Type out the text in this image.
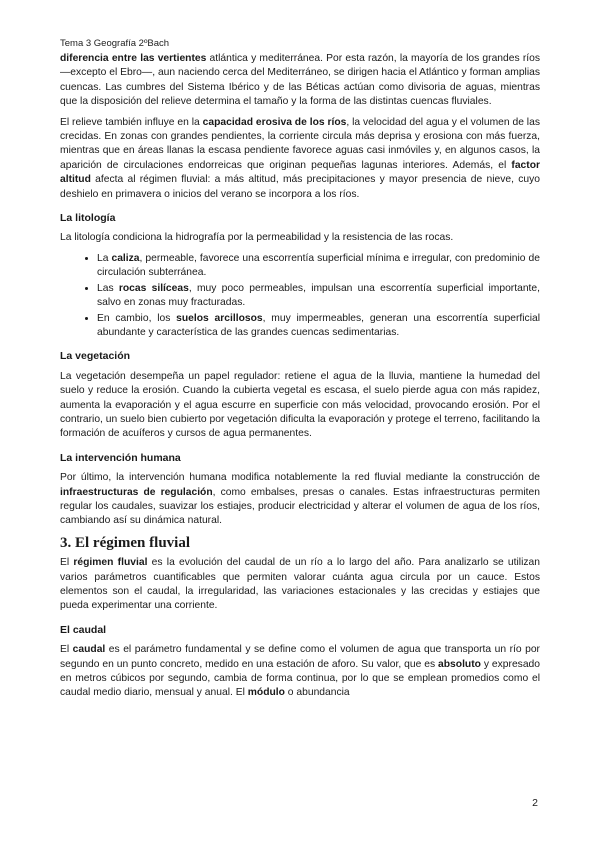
Tema 3 Geografía 2ºBach

diferencia entre las vertientes atlántica y mediterránea. Por esta razón, la mayoría de los grandes ríos —excepto el Ebro—, aun naciendo cerca del Mediterráneo, se dirigen hacia el Atlántico y forman amplias cuencas. Las cumbres del Sistema Ibérico y de las Béticas actúan como divisoria de aguas, mientras que la disposición del relieve determina el tamaño y la forma de las distintas cuencas fluviales.

El relieve también influye en la capacidad erosiva de los ríos, la velocidad del agua y el volumen de las crecidas. En zonas con grandes pendientes, la corriente circula más deprisa y erosiona con más fuerza, mientras que en áreas llanas la escasa pendiente favorece aguas casi inmóviles y, en algunos casos, la aparición de circulaciones endorreicas que originan pequeñas lagunas interiores. Además, el factor altitud afecta al régimen fluvial: a más altitud, más precipitaciones y mayor presencia de nieve, cuyo deshielo en primavera o inicios del verano se incorpora a los ríos.

La litología

La litología condiciona la hidrografía por la permeabilidad y la resistencia de las rocas.

• La caliza, permeable, favorece una escorrentía superficial mínima e irregular, con predominio de circulación subterránea.
• Las rocas silíceas, muy poco permeables, impulsan una escorrentía superficial importante, salvo en zonas muy fracturadas.
• En cambio, los suelos arcillosos, muy impermeables, generan una escorrentía superficial abundante y característica de las grandes cuencas sedimentarias.
La vegetación

La vegetación desempeña un papel regulador: retiene el agua de la lluvia, mantiene la humedad del suelo y reduce la erosión. Cuando la cubierta vegetal es escasa, el suelo pierde agua con más rapidez, aumenta la evaporación y el agua escurre en superficie con más velocidad, provocando erosión. Por el contrario, un suelo bien cubierto por vegetación dificulta la evaporación y protege el terreno, facilitando la formación de acuíferos y cursos de agua permanentes.

La intervención humana

Por último, la intervención humana modifica notablemente la red fluvial mediante la construcción de infraestructuras de regulación, como embalses, presas o canales. Estas infraestructuras permiten regular los caudales, suavizar los estiajes, producir electricidad y alterar el volumen de agua de los ríos, cambiando así su dinámica natural.

3. El régimen fluvial

El régimen fluvial es la evolución del caudal de un río a lo largo del año. Para analizarlo se utilizan varios parámetros cuantificables que permiten valorar cuánta agua circula por un cauce. Estos elementos son el caudal, la irregularidad, las variaciones estacionales y las crecidas y estiajes que pueda experimentar una corriente.

El caudal

El caudal es el parámetro fundamental y se define como el volumen de agua que transporta un río por segundo en un punto concreto, medido en una estación de aforo. Su valor, que es absoluto y expresado en metros cúbicos por segundo, cambia de forma continua, por lo que se emplean promedios como el caudal medio diario, mensual y anual. El módulo o abundancia

2
